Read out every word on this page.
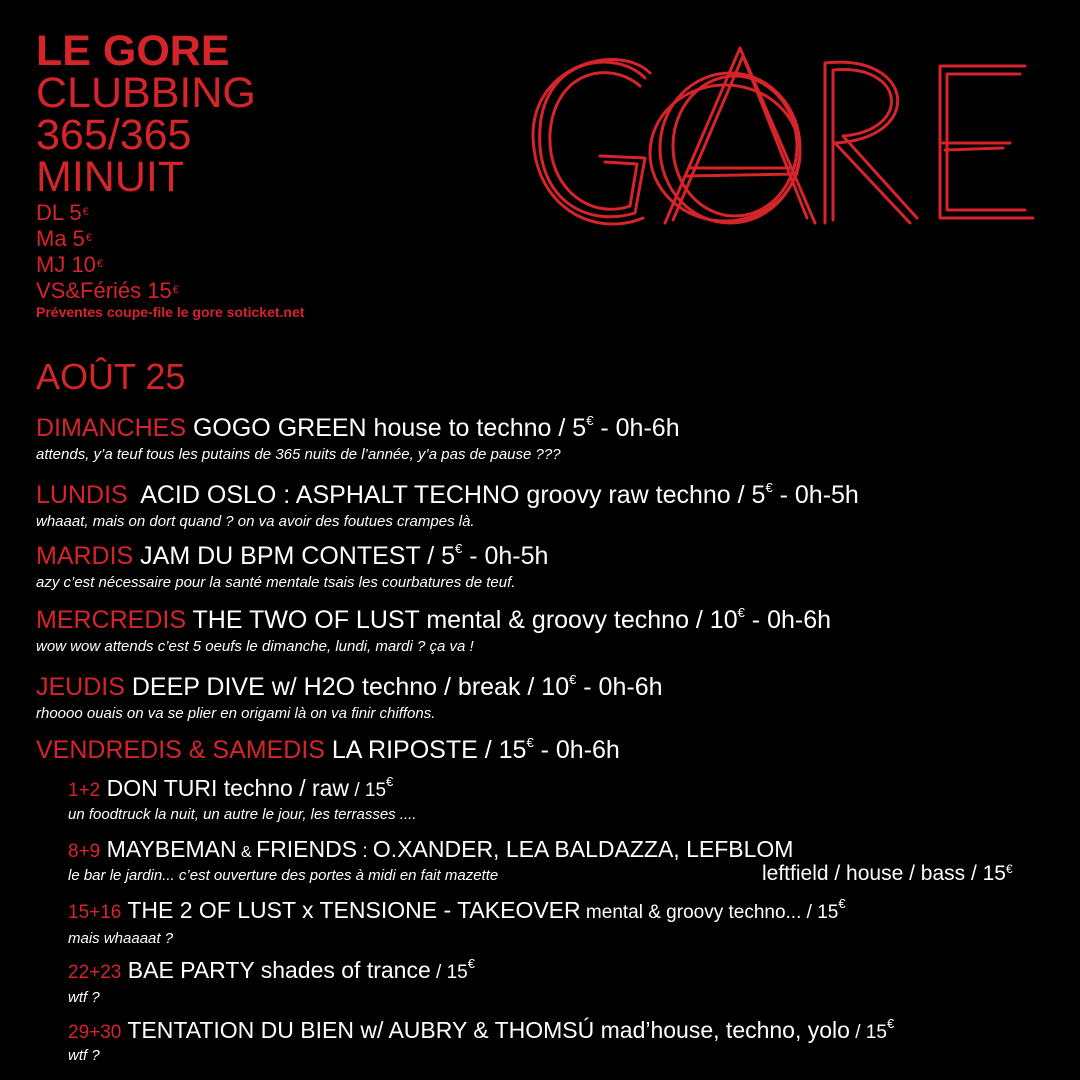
LE GORE
CLUBBING
365/365
MINUIT
DL 5€
Ma 5€
MJ 10€
VS&Fériés 15€
Préventes coupe-file le gore soticket.net
AOÛT 25
DIMANCHES GOGO GREEN house to techno / 5€ - 0h-6h
attends, y’a teuf tous les putains de 365 nuits de l’année, y’a pas de pause ???
LUNDIS  ACID OSLO : ASPHALT TECHNO groovy raw techno / 5€ - 0h-5h
whaaat, mais on dort quand ? on va avoir des foutues crampes là.
MARDIS JAM DU BPM CONTEST / 5€ - 0h-5h
azy c’est nécessaire pour la santé mentale tsais les courbatures de teuf.
MERCREDIS THE TWO OF LUST mental & groovy techno / 10€ - 0h-6h
wow wow attends c’est 5 oeufs le dimanche, lundi, mardi ? ça va !
JEUDIS DEEP DIVE w/ H2O techno / break / 10€ - 0h-6h
rhoooo ouais on va se plier en origami là on va finir chiffons.
VENDREDIS & SAMEDIS LA RIPOSTE / 15€ - 0h-6h
1+2 DON TURI techno / raw / 15€
un foodtruck la nuit, un autre le jour, les terrasses ....
8+9 MAYBEMAN & FRIENDS : O.XANDER, LEA BALDAZZA, LEFBLOM
le bar le jardin... c’est ouverture des portes à midi en fait mazette	leftfield / house / bass / 15€
15+16 THE 2 OF LUST x TENSIONE - TAKEOVER mental & groovy techno... / 15€
mais whaaaat ?
22+23 BAE PARTY shades of trance / 15€
wtf ?
29+30 TENTATION DU BIEN w/ AUBRY & THOMSÚ mad’house, techno, yolo / 15€
wtf ?
